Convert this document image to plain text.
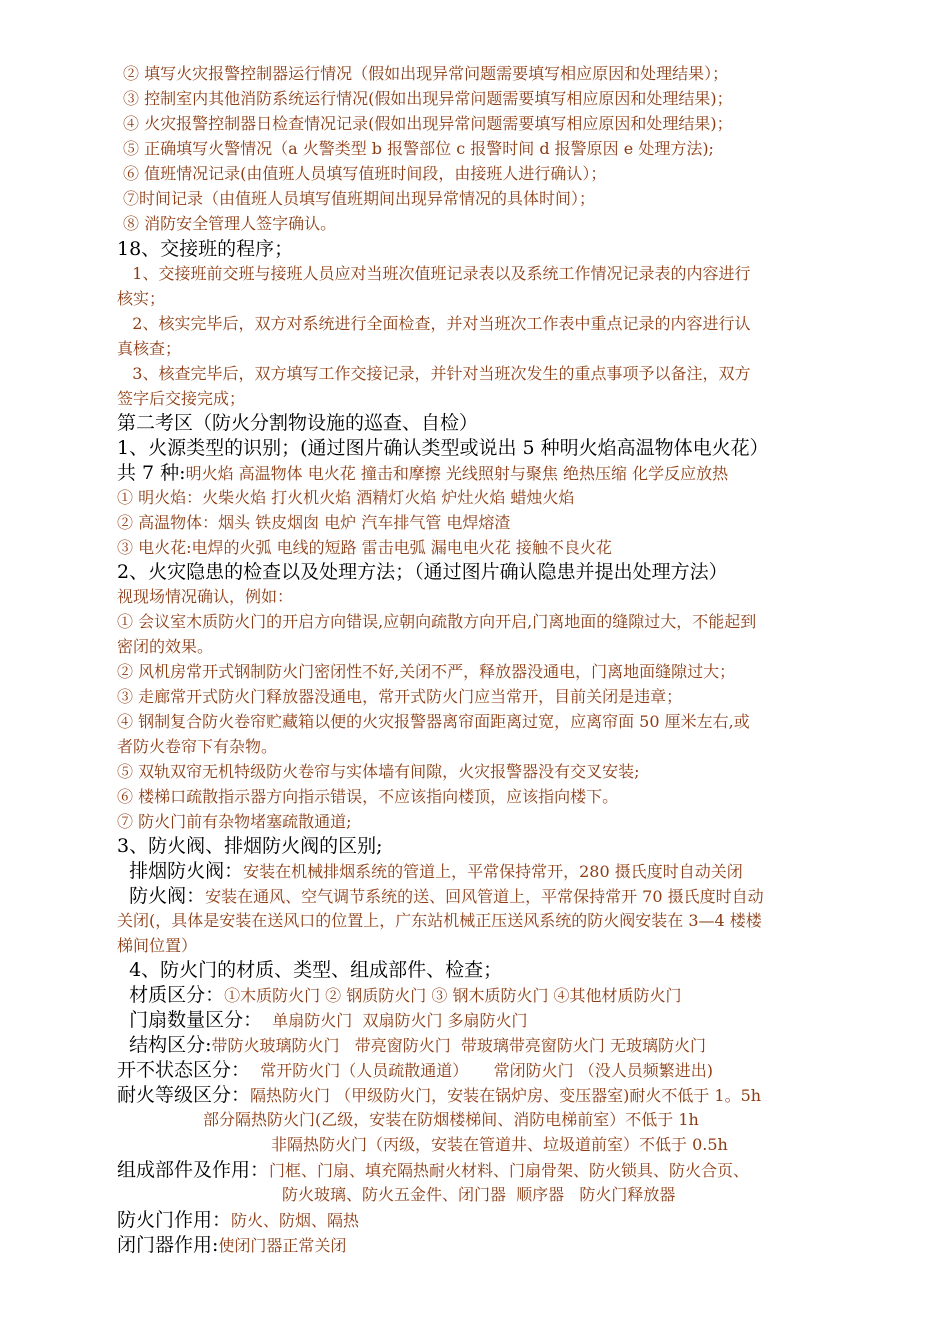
② 填写火灾报警控制器运行情况（假如出现异常问题需要填写相应原因和处理结果）；
③ 控制室内其他消防系统运行情况(假如出现异常问题需要填写相应原因和处理结果)；
④ 火灾报警控制器日检查情况记录(假如出现异常问题需要填写相应原因和处理结果)；
⑤ 正确填写火警情况（a 火警类型 b 报警部位 c 报警时间 d 报警原因 e 处理方法);
⑥ 值班情况记录(由值班人员填写值班时间段，由接班人进行确认）；
⑦时间记录（由值班人员填写值班期间出现异常情况的具体时间）；
⑧ 消防安全管理人签字确认。
18、交接班的程序；
1、交接班前交班与接班人员应对当班次值班记录表以及系统工作情况记录表的内容进行
核实；
2、核实完毕后，双方对系统进行全面检查，并对当班次工作表中重点记录的内容进行认
真核查；
3、核查完毕后，双方填写工作交接记录，并针对当班次发生的重点事项予以备注，双方
签字后交接完成；
第二考区（防火分割物设施的巡查、自检）
1、火源类型的识别；(通过图片确认类型或说出 5 种明火焰高温物体电火花）
共 7 种:明火焰 高温物体 电火花 撞击和摩擦 光线照射与聚焦 绝热压缩 化学反应放热
① 明火焰：火柴火焰 打火机火焰 酒精灯火焰 炉灶火焰 蜡烛火焰
② 高温物体：烟头 铁皮烟囱 电炉 汽车排气管 电焊熔渣
③ 电火花:电焊的火弧 电线的短路 雷击电弧 漏电电火花 接触不良火花
2、火灾隐患的检查以及处理方法；（通过图片确认隐患并提出处理方法）
视现场情况确认，例如：
① 会议室木质防火门的开启方向错误,应朝向疏散方向开启,门离地面的缝隙过大，不能起到
密闭的效果。
② 风机房常开式钢制防火门密闭性不好,关闭不严，释放器没通电，门离地面缝隙过大；
③ 走廊常开式防火门释放器没通电，常开式防火门应当常开，目前关闭是违章；
④ 钢制复合防火卷帘贮藏箱以便的火灾报警器离帘面距离过宽，应离帘面 50 厘米左右,或
者防火卷帘下有杂物。
⑤ 双轨双帘无机特级防火卷帘与实体墙有间隙，火灾报警器没有交叉安装;
⑥ 楼梯口疏散指示器方向指示错误，不应该指向楼顶，应该指向楼下。
⑦ 防火门前有杂物堵塞疏散通道;
3、防火阀、排烟防火阀的区别;
排烟防火阀：安装在机械排烟系统的管道上，平常保持常开，280 摄氏度时自动关闭
防火阀：安装在通风、空气调节系统的送、回风管道上，平常保持常开 70 摄氏度时自动
关闭(，具体是安装在送风口的位置上，广东站机械正压送风系统的防火阀安装在 3—4 楼楼
梯间位置）
4、防火门的材质、类型、组成部件、检查；
材质区分：①木质防火门 ② 钢质防火门 ③ 钢木质防火门 ④其他材质防火门
门扇数量区分：  单扇防火门  双扇防火门 多扇防火门
结构区分:带防火玻璃防火门   带亮窗防火门  带玻璃带亮窗防火门 无玻璃防火门
开不状态区分：  常开防火门（人员疏散通道）     常闭防火门 （没人员频繁进出)
耐火等级区分：隔热防火门 （甲级防火门，安装在锅炉房、变压器室)耐火不低于 1。5h
部分隔热防火门(乙级，安装在防烟楼梯间、消防电梯前室）不低于 1h
非隔热防火门（丙级，安装在管道井、垃圾道前室）不低于 0.5h
组成部件及作用：门框、门扇、填充隔热耐火材料、门扇骨架、防火锁具、防火合页、
防火玻璃、防火五金件、闭门器  顺序器   防火门释放器
防火门作用：防火、防烟、隔热
闭门器作用:使闭门器正常关闭
